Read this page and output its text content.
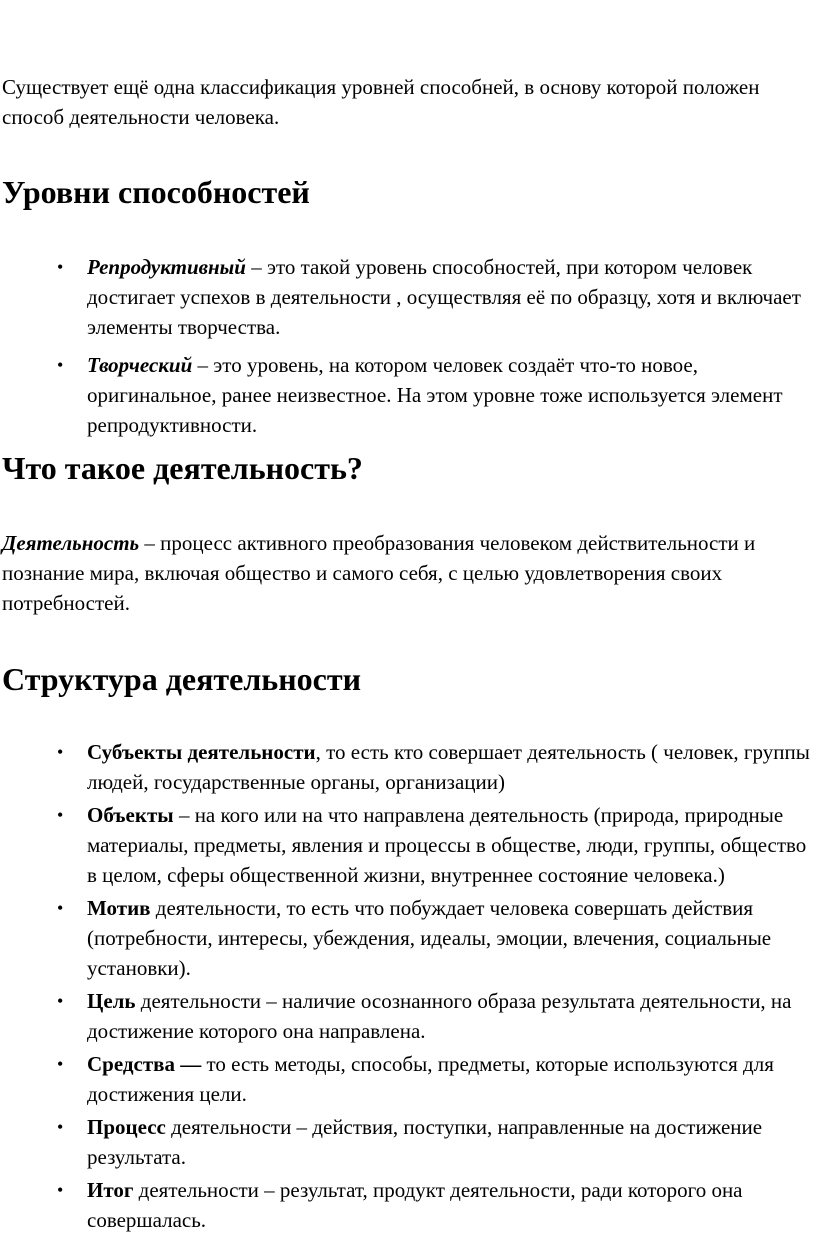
Существует ещё одна классификация уровней способней, в основу которой положен способ деятельности человека.

Уровни способностей
• Репродуктивный – это такой уровень способностей, при котором человек достигает успехов в деятельности , осуществляя её по образцу, хотя и включает элементы творчества.
• Творческий – это уровень, на котором человек создаёт что-то новое, оригинальное, ранее неизвестное. На этом уровне тоже используется элемент репродуктивности.
Что такое деятельность?

Деятельность – процесс активного преобразования человеком действительности и познание мира, включая общество и самого себя, с целью удовлетворения своих потребностей.

Структура деятельности
• Субъекты деятельности, то есть кто совершает деятельность ( человек, группы людей, государственные органы, организации)
• Объекты – на кого или на что направлена деятельность (природа, природные материалы, предметы, явления и процессы в обществе, люди, группы, общество в целом, сферы общественной жизни, внутреннее состояние человека.)
• Мотив деятельности, то есть что побуждает человека совершать действия (потребности, интересы, убеждения, идеалы, эмоции, влечения, социальные установки).
• Цель деятельности – наличие осознанного образа результата деятельности, на достижение которого она направлена.
• Средства — то есть методы, способы, предметы, которые используются для достижения цели.
• Процесс деятельности – действия, поступки, направленные на достижение результата.
• Итог деятельности – результат, продукт деятельности, ради которого она совершалась.
